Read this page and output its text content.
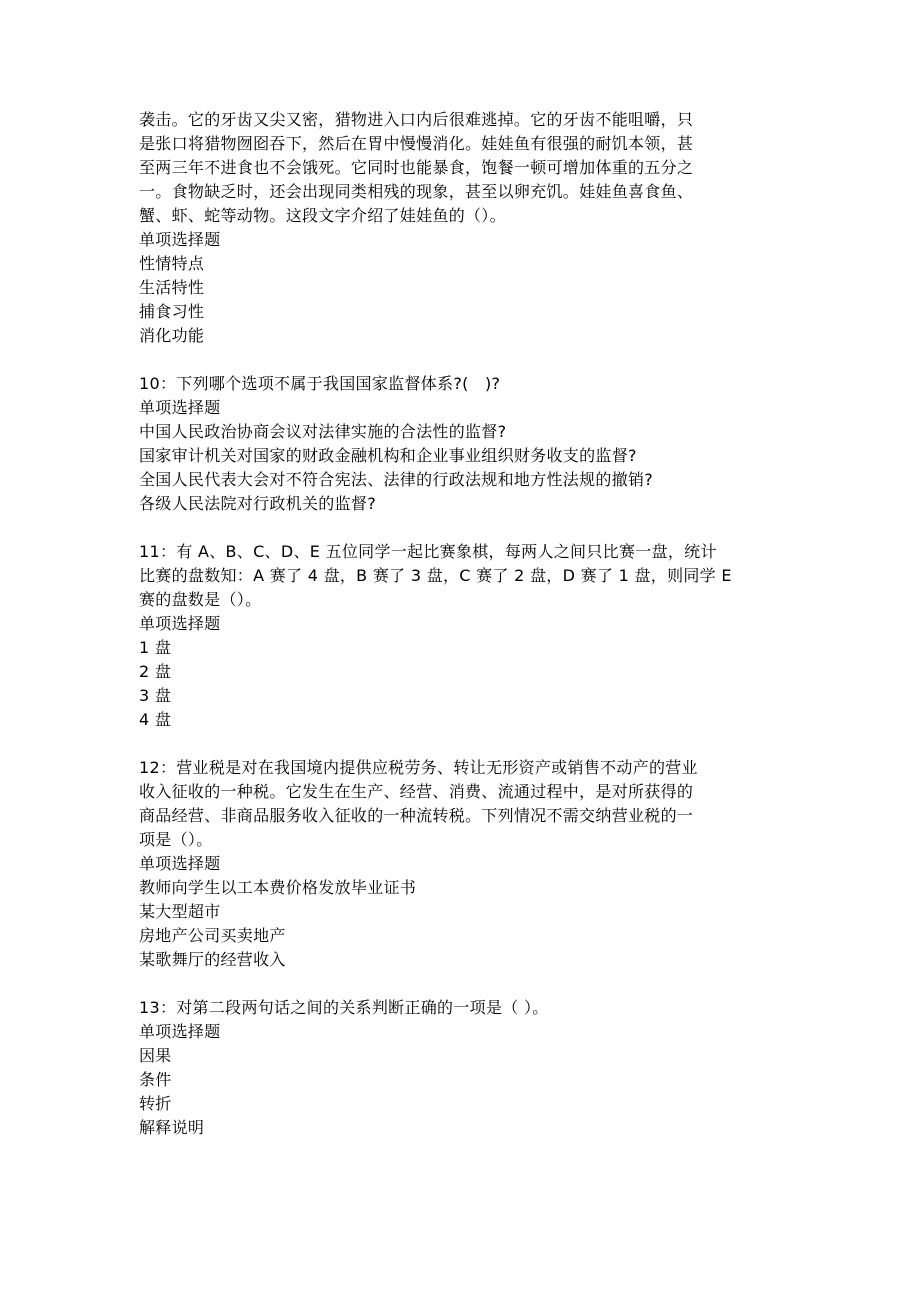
袭击。它的牙齿又尖又密，猎物进入口内后很难逃掉。它的牙齿不能咀嚼，只
是张口将猎物囫囵吞下，然后在胃中慢慢消化。娃娃鱼有很强的耐饥本领，甚
至两三年不进食也不会饿死。它同时也能暴食，饱餐一顿可增加体重的五分之
一。食物缺乏时，还会出现同类相残的现象，甚至以卵充饥。娃娃鱼喜食鱼、
蟹、虾、蛇等动物。这段文字介绍了娃娃鱼的（）。
单项选择题
性情特点
生活特性
捕食习性
消化功能
10：下列哪个选项不属于我国国家监督体系?(　)?
单项选择题
中国人民政治协商会议对法律实施的合法性的监督?
国家审计机关对国家的财政金融机构和企业事业组织财务收支的监督?
全国人民代表大会对不符合宪法、法律的行政法规和地方性法规的撤销?
各级人民法院对行政机关的监督?
11：有 A、B、C、D、E 五位同学一起比赛象棋，每两人之间只比赛一盘，统计
比赛的盘数知：A 赛了 4 盘，B 赛了 3 盘，C 赛了 2 盘，D 赛了 1 盘，则同学 E
赛的盘数是（）。
单项选择题
1 盘
2 盘
3 盘
4 盘
12：营业税是对在我国境内提供应税劳务、转让无形资产或销售不动产的营业
收入征收的一种税。它发生在生产、经营、消费、流通过程中，是对所获得的
商品经营、非商品服务收入征收的一种流转税。下列情况不需交纳营业税的一
项是（）。
单项选择题
教师向学生以工本费价格发放毕业证书
某大型超市
房地产公司买卖地产
某歌舞厅的经营收入
13：对第二段两句话之间的关系判断正确的一项是（ ）。
单项选择题
因果
条件
转折
解释说明
